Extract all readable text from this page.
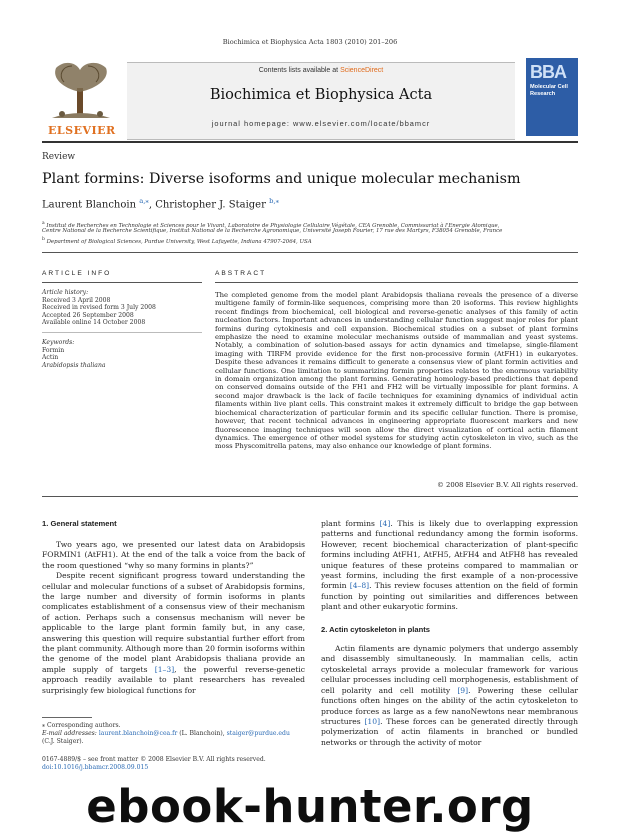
Biochimica et Biophysica Acta 1803 (2010) 201–206
ELSEVIER
Contents lists available at ScienceDirect
Biochimica et Biophysica Acta
journal homepage: www.elsevier.com/locate/bbamcr
BBA
Molecular Cell Research
Review
Plant formins: Diverse isoforms and unique molecular mechanism
Laurent Blanchoin $^{a,⁎}$, Christopher J. Staiger $^{b,⁎}$
$^a$ Institut de Recherches en Technologie et Sciences pour le Vivant, Laboratoire de Physiologie Cellulaire Végétale, CEA Grenoble, Commissariat à l'Energie Atomique,
Centre National de la Recherche Scientifique, Institut National de la Recherche Agronomique, Université Joseph Fourier, 17 rue des Martyrs, F38054 Grenoble, France
$^b$ Department of Biological Sciences, Purdue University, West Lafayette, Indiana 47907-2064, USA
ARTICLE INFO
Article history:
Received 3 April 2008
Received in revised form 3 July 2008
Accepted 26 September 2008
Available online 14 October 2008
Keywords:
Formin
Actin
Arabidopsis thaliana
ABSTRACT
The completed genome from the model plant Arabidopsis thaliana reveals the presence of a diverse multigene family of formin-like sequences, comprising more than 20 isoforms. This review highlights recent findings from biochemical, cell biological and reverse-genetic analyses of this family of actin nucleation factors. Important advances in understanding cellular function suggest major roles for plant formins during cytokinesis and cell expansion. Biochemical studies on a subset of plant formins emphasize the need to examine molecular mechanisms outside of mammalian and yeast systems. Notably, a combination of solution-based assays for actin dynamics and timelapse, single-filament imaging with TIRFM provide evidence for the first non-processive formin (AtFH1) in eukaryotes. Despite these advances it remains difficult to generate a consensus view of plant formin activities and cellular functions. One limitation to summarizing formin properties relates to the enormous variability in domain organization among the plant formins. Generating homology-based predictions that depend on conserved domains outside of the FH1 and FH2 will be virtually impossible for plant formins. A second major drawback is the lack of facile techniques for examining dynamics of individual actin filaments within live plant cells. This constraint makes it extremely difficult to bridge the gap between biochemical characterization of particular formin and its specific cellular function. There is promise, however, that recent technical advances in engineering appropriate fluorescent markers and new fluorescence imaging techniques will soon allow the direct visualization of cortical actin filament dynamics. The emergence of other model systems for studying actin cytoskeleton in vivo, such as the moss Physcomitrella patens, may also enhance our knowledge of plant formins.
© 2008 Elsevier B.V. All rights reserved.
1. General statement

Two years ago, we presented our latest data on Arabidopsis FORMIN1 (AtFH1). At the end of the talk a voice from the back of the room questioned “why so many formins in plants?”

Despite recent significant progress toward understanding the cellular and molecular functions of a subset of Arabidopsis formins, the large number and diversity of formin isoforms in plants complicates establishment of a consensus view of their mechanism of action. Perhaps such a consensus mechanism will never be applicable to the large plant formin family but, in any case, answering this question will require substantial further effort from the plant community. Although more than 20 formin isoforms within the genome of the model plant Arabidopsis thaliana provide an ample supply of targets [1–3], the powerful reverse-genetic approach readily available to plant researchers has revealed surprisingly few biological functions for

plant formins [4]. This is likely due to overlapping expression patterns and functional redundancy among the formin isoforms. However, recent biochemical characterization of plant-specific formins including AtFH1, AtFH5, AtFH4 and AtFH8 has revealed unique features of these proteins compared to mammalian or yeast formins, including the first example of a non-processive formin [4–8]. This review focuses attention on the field of formin function by pointing out similarities and differences between plant and other eukaryotic formins.

2. Actin cytoskeleton in plants

Actin filaments are dynamic polymers that undergo assembly and disassembly simultaneously. In mammalian cells, actin cytoskeletal arrays provide a molecular framework for various cellular processes including cell morphogenesis, establishment of cell polarity and cell motility [9]. Powering these cellular functions often hinges on the ability of the actin cytoskeleton to produce forces as large as a few nanoNewtons near membranous structures [10]. These forces can be generated directly through polymerization of actin filaments in branched or bundled networks or through the activity of motor

⁎ Corresponding authors.
E-mail addresses: laurent.blanchoin@cea.fr (L. Blanchoin), staiger@purdue.edu
(C.J. Staiger).
0167-4889/$ – see front matter © 2008 Elsevier B.V. All rights reserved.
doi:10.1016/j.bbamcr.2008.09.015
ebook-hunter.org
